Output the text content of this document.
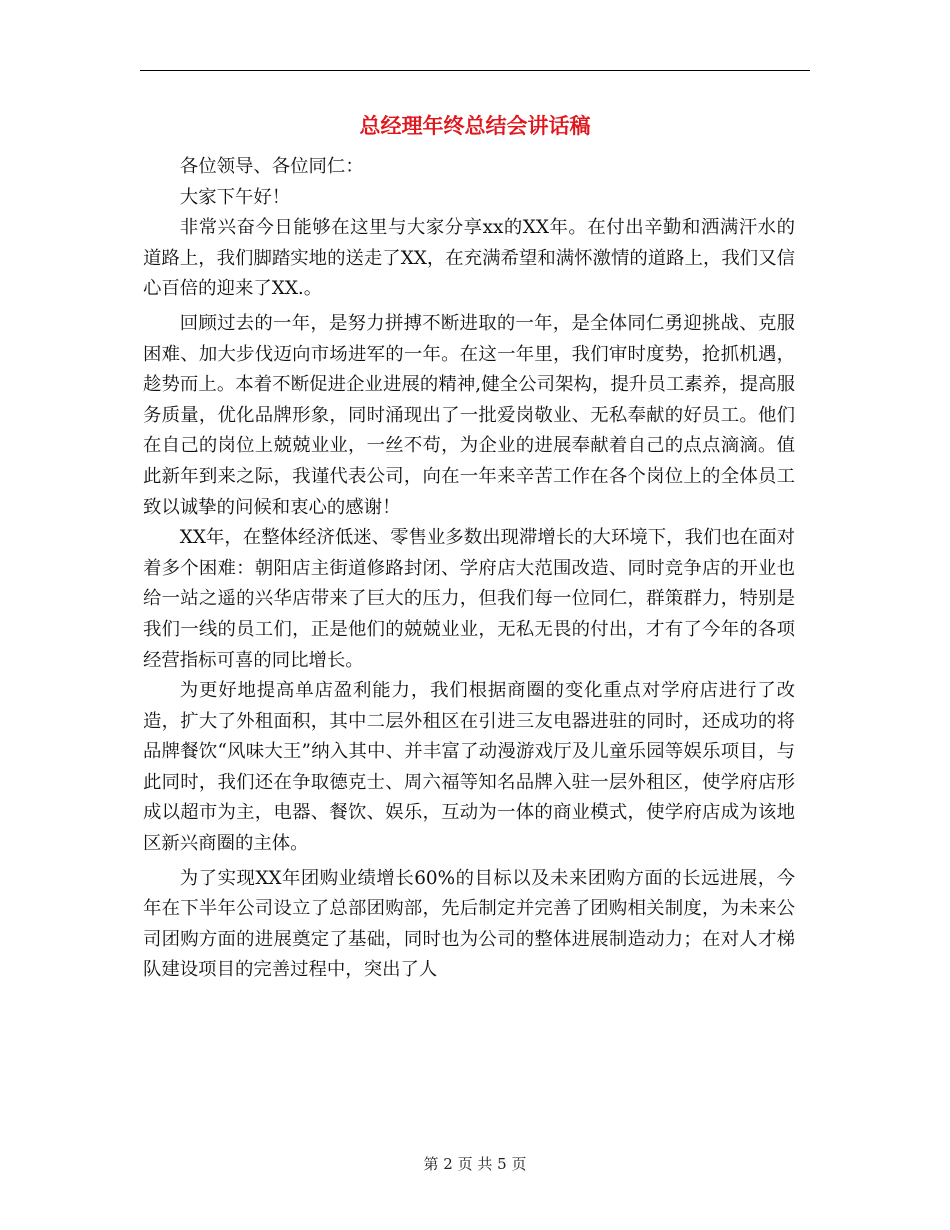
总经理年终总结会讲话稿

各位领导、各位同仁：

大家下午好！

非常兴奋今日能够在这里与大家分享xx的XX年。在付出辛勤和洒满汗水的道路上，我们脚踏实地的送走了XX，在充满希望和满怀激情的道路上，我们又信心百倍的迎来了XX.。

回顾过去的一年，是努力拼搏不断进取的一年，是全体同仁勇迎挑战、克服困难、加大步伐迈向市场进军的一年。在这一年里，我们审时度势，抢抓机遇，趁势而上。本着不断促进企业进展的精神,健全公司架构，提升员工素养，提高服务质量，优化品牌形象，同时涌现出了一批爱岗敬业、无私奉献的好员工。他们在自己的岗位上兢兢业业，一丝不苟，为企业的进展奉献着自己的点点滴滴。值此新年到来之际，我谨代表公司，向在一年来辛苦工作在各个岗位上的全体员工致以诚挚的问候和衷心的感谢！

XX年，在整体经济低迷、零售业多数出现滞增长的大环境下，我们也在面对着多个困难：朝阳店主街道修路封闭、学府店大范围改造、同时竞争店的开业也给一站之遥的兴华店带来了巨大的压力，但我们每一位同仁，群策群力，特别是我们一线的员工们，正是他们的兢兢业业，无私无畏的付出，才有了今年的各项经营指标可喜的同比增长。

为更好地提高单店盈利能力，我们根据商圈的变化重点对学府店进行了改造，扩大了外租面积，其中二层外租区在引进三友电器进驻的同时，还成功的将品牌餐饮“风味大王”纳入其中、并丰富了动漫游戏厅及儿童乐园等娱乐项目，与此同时，我们还在争取德克士、周六福等知名品牌入驻一层外租区，使学府店形成以超市为主，电器、餐饮、娱乐，互动为一体的商业模式，使学府店成为该地区新兴商圈的主体。

为了实现XX年团购业绩增长60%的目标以及未来团购方面的长远进展，今年在下半年公司设立了总部团购部，先后制定并完善了团购相关制度，为未来公司团购方面的进展奠定了基础，同时也为公司的整体进展制造动力；在对人才梯队建设项目的完善过程中，突出了人

第 2 页 共 5 页
